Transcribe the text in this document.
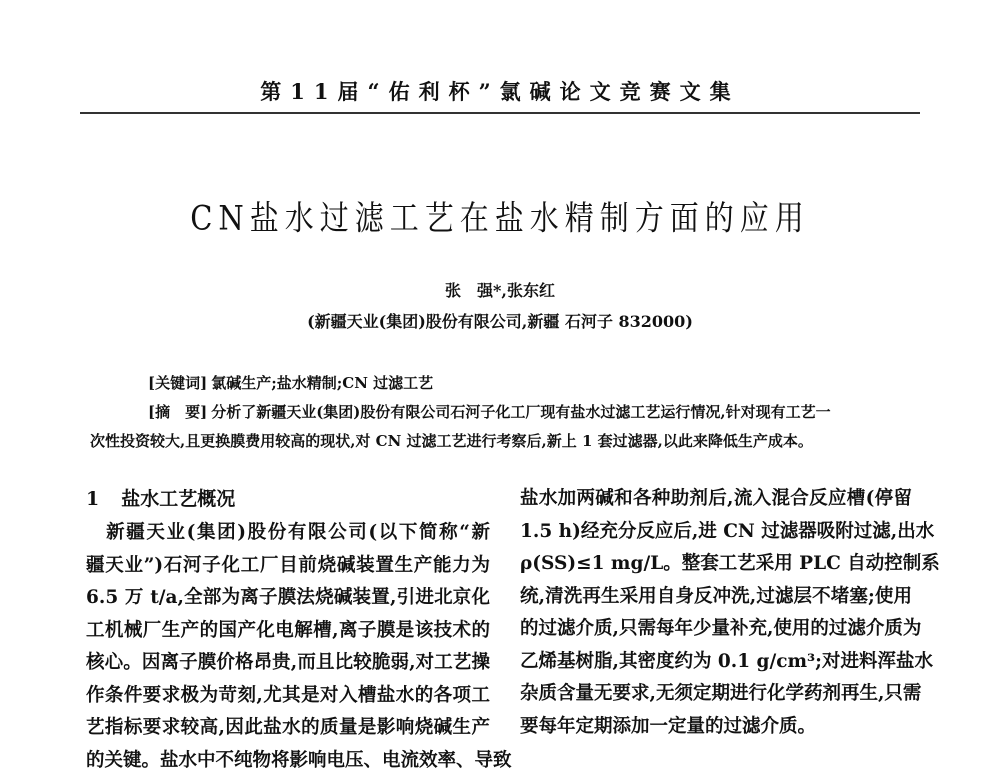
第11届“佑利杯”氯碱论文竞赛文集
CN盐水过滤工艺在盐水精制方面的应用
张　强*,张东红
(新疆天业(集团)股份有限公司,新疆 石河子 832000)
[关键词] 氯碱生产;盐水精制;CN 过滤工艺
[摘　要] 分析了新疆天业(集团)股份有限公司石河子化工厂现有盐水过滤工艺运行情况,针对现有工艺一
次性投资较大,且更换膜费用较高的现状,对 CN 过滤工艺进行考察后,新上 1 套过滤器,以此来降低生产成本。
1 盐水工艺概况
　新疆天业(集团)股份有限公司(以下简称“新
疆天业”)石河子化工厂目前烧碱装置生产能力为
6.5 万 t/a,全部为离子膜法烧碱装置,引进北京化
工机械厂生产的国产化电解槽,离子膜是该技术的
核心。因离子膜价格昂贵,而且比较脆弱,对工艺操
作条件要求极为苛刻,尤其是对入槽盐水的各项工
艺指标要求较高,因此盐水的质量是影响烧碱生产
的关键。盐水中不纯物将影响电压、电流效率、导致
盐水加两碱和各种助剂后,流入混合反应槽(停留
1.5 h)经充分反应后,进 CN 过滤器吸附过滤,出水
ρ(SS)≤1 mg/L。整套工艺采用 PLC 自动控制系
统,清洗再生采用自身反冲洗,过滤层不堵塞;使用
的过滤介质,只需每年少量补充,使用的过滤介质为
乙烯基树脂,其密度约为 0.1 g/cm³;对进料浑盐水
杂质含量无要求,无须定期进行化学药剂再生,只需
要每年定期添加一定量的过滤介质。
